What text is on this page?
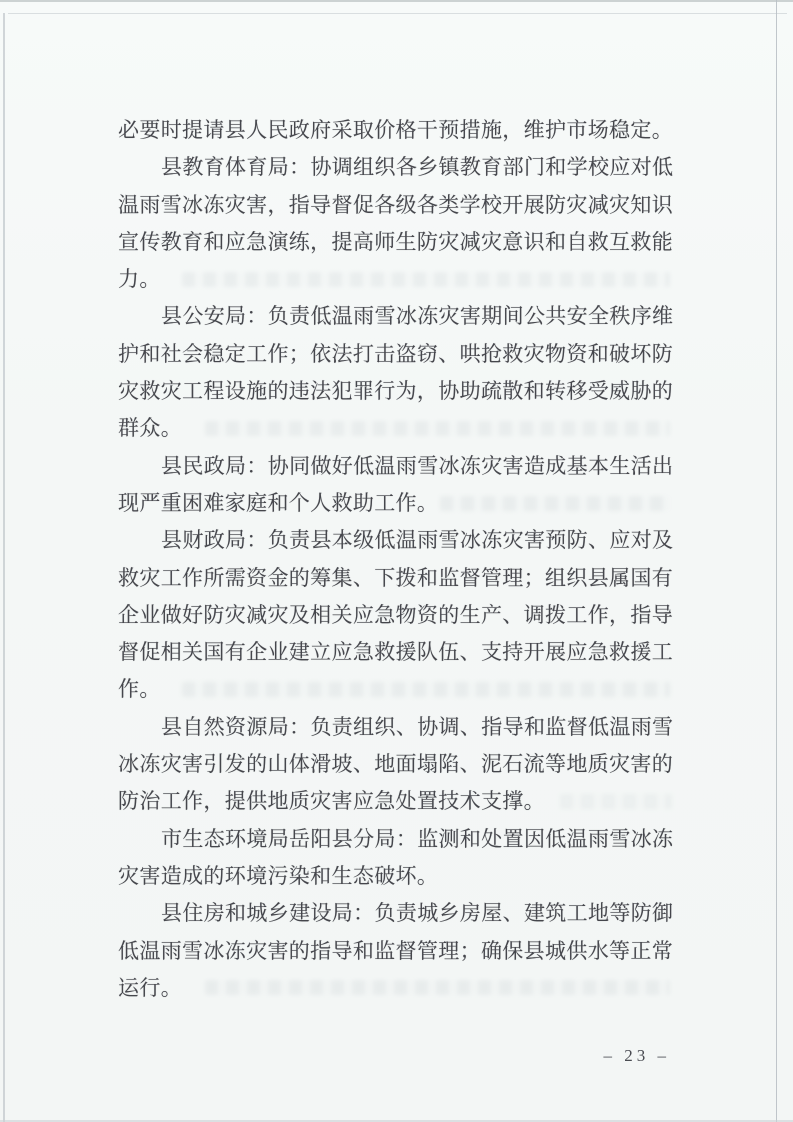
必要时提请县人民政府采取价格干预措施，维护市场稳定。
县教育体育局：协调组织各乡镇教育部门和学校应对低
温雨雪冰冻灾害，指导督促各级各类学校开展防灾减灾知识
宣传教育和应急演练，提高师生防灾减灾意识和自救互救能
力。
县公安局：负责低温雨雪冰冻灾害期间公共安全秩序维
护和社会稳定工作；依法打击盗窃、哄抢救灾物资和破坏防
灾救灾工程设施的违法犯罪行为，协助疏散和转移受威胁的
群众。
县民政局：协同做好低温雨雪冰冻灾害造成基本生活出
现严重困难家庭和个人救助工作。
县财政局：负责县本级低温雨雪冰冻灾害预防、应对及
救灾工作所需资金的筹集、下拨和监督管理；组织县属国有
企业做好防灾减灾及相关应急物资的生产、调拨工作，指导
督促相关国有企业建立应急救援队伍、支持开展应急救援工
作。
县自然资源局：负责组织、协调、指导和监督低温雨雪
冰冻灾害引发的山体滑坡、地面塌陷、泥石流等地质灾害的
防治工作，提供地质灾害应急处置技术支撑。
市生态环境局岳阳县分局：监测和处置因低温雨雪冰冻
灾害造成的环境污染和生态破坏。
县住房和城乡建设局：负责城乡房屋、建筑工地等防御
低温雨雪冰冻灾害的指导和监督管理；确保县城供水等正常
运行。
– 23 –
